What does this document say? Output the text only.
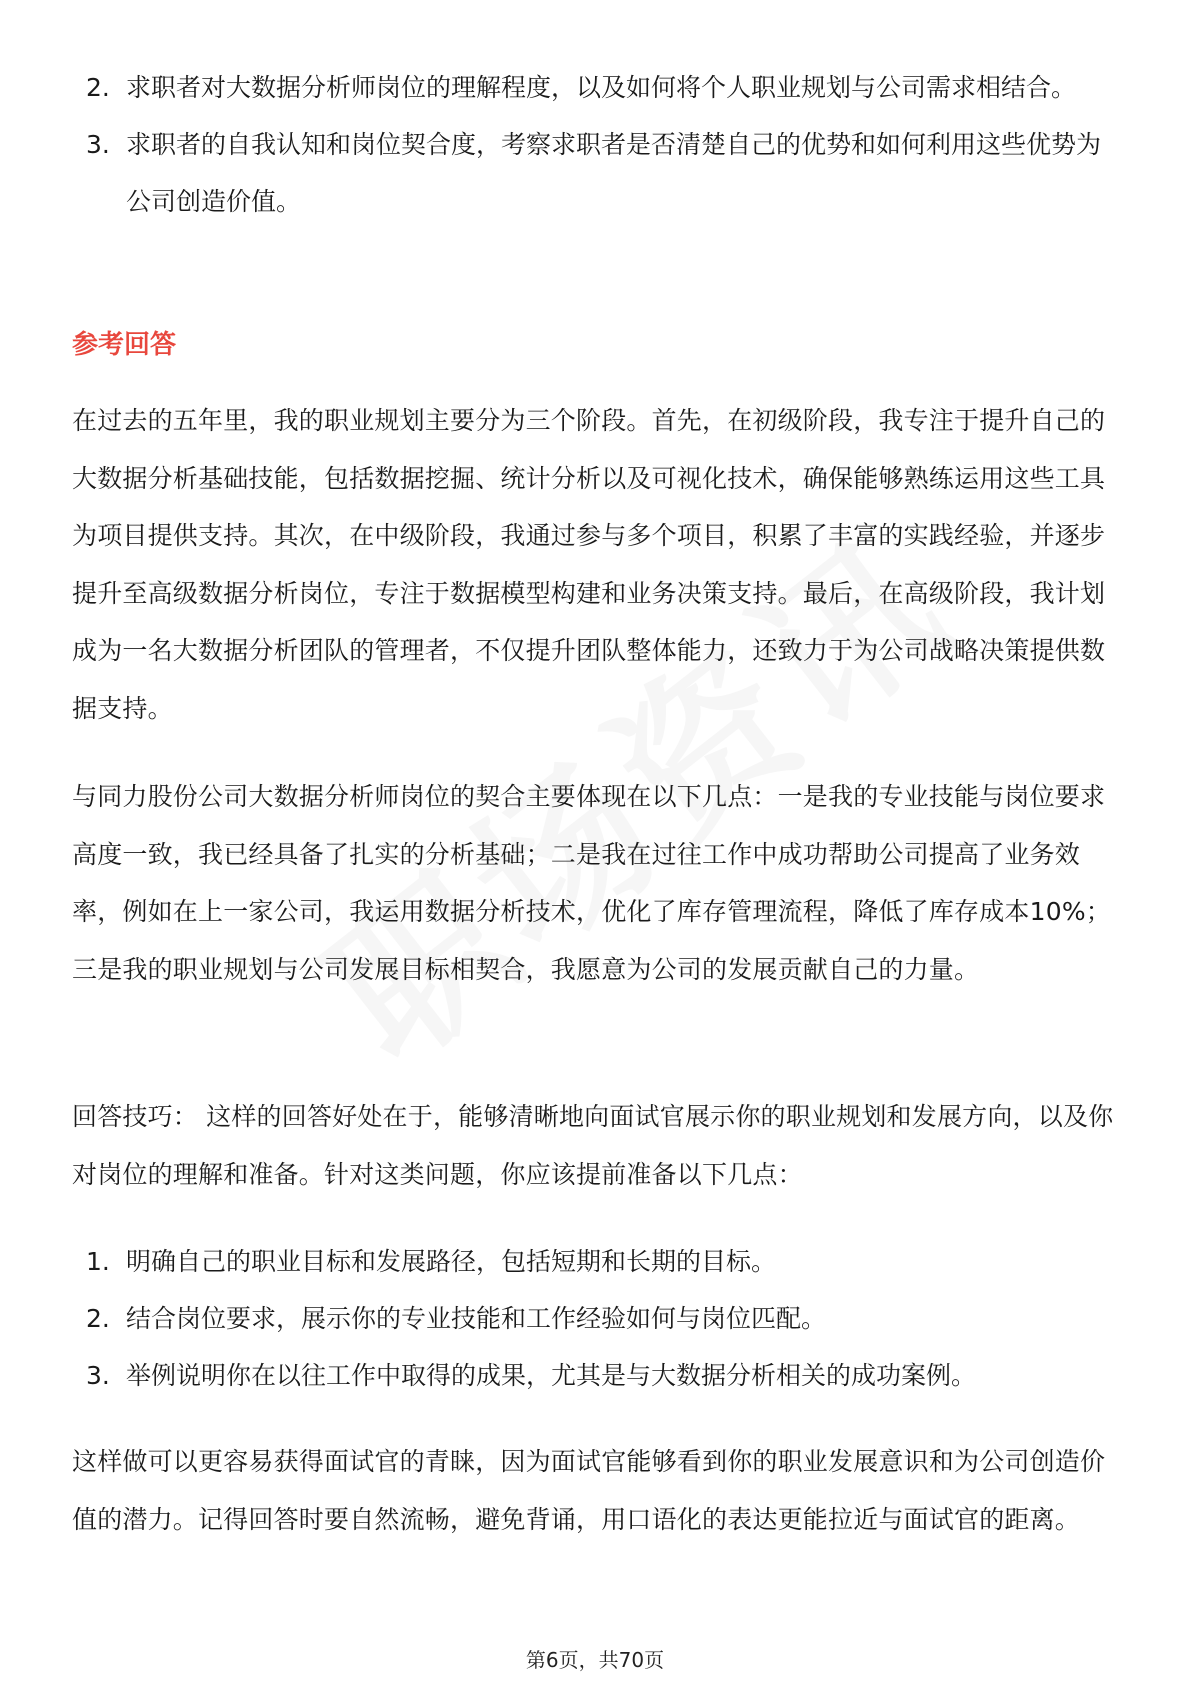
2. 求职者对大数据分析师岗位的理解程度，以及如何将个人职业规划与公司需求相结合。
3. 求职者的自我认知和岗位契合度，考察求职者是否清楚自己的优势和如何利用这些优势为公司创造价值。
参考回答
在过去的五年里，我的职业规划主要分为三个阶段。首先，在初级阶段，我专注于提升自己的大数据分析基础技能，包括数据挖掘、统计分析以及可视化技术，确保能够熟练运用这些工具为项目提供支持。其次，在中级阶段，我通过参与多个项目，积累了丰富的实践经验，并逐步提升至高级数据分析岗位，专注于数据模型构建和业务决策支持。最后，在高级阶段，我计划成为一名大数据分析团队的管理者，不仅提升团队整体能力，还致力于为公司战略决策提供数据支持。
与同力股份公司大数据分析师岗位的契合主要体现在以下几点：一是我的专业技能与岗位要求高度一致，我已经具备了扎实的分析基础；二是我在过往工作中成功帮助公司提高了业务效率，例如在上一家公司，我运用数据分析技术，优化了库存管理流程，降低了库存成本10%；三是我的职业规划与公司发展目标相契合，我愿意为公司的发展贡献自己的力量。
回答技巧： 这样的回答好处在于，能够清晰地向面试官展示你的职业规划和发展方向，以及你对岗位的理解和准备。针对这类问题，你应该提前准备以下几点：
1. 明确自己的职业目标和发展路径，包括短期和长期的目标。
2. 结合岗位要求，展示你的专业技能和工作经验如何与岗位匹配。
3. 举例说明你在以往工作中取得的成果，尤其是与大数据分析相关的成功案例。
这样做可以更容易获得面试官的青睐，因为面试官能够看到你的职业发展意识和为公司创造价值的潜力。记得回答时要自然流畅，避免背诵，用口语化的表达更能拉近与面试官的距离。
第6页，共70页
